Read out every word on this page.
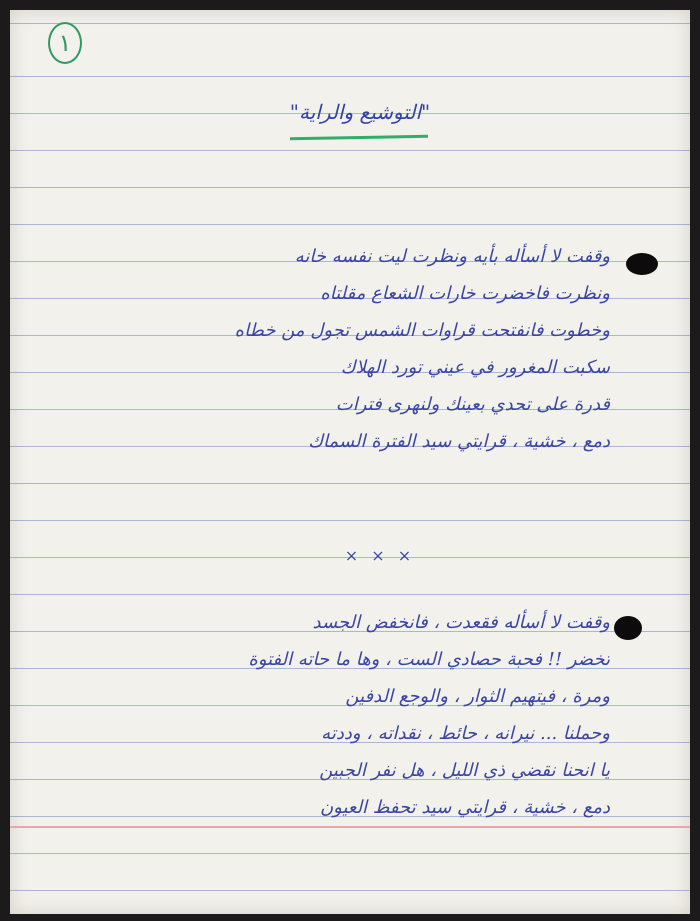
١
"التوشيع والراية"
وقفت لا أسأله بأيه ونظرت ليت نفسه خانه
ونظرت فاخضرت خارات الشعاع مقلتاه
وخطوت فانفتحت قراوات الشمس تجول من خطاه
سكبت المغرور في عيني تورد الهلاك
قدرة على تحدي بعينك ولنهرى فترات
دمع ، خشية ، قرايتي سيد الفترة السماك
× × ×
وقفت لا أسأله فقعدت ، فانخفض الجسد
تخضر !! فحبة حصادي الست ، وها ما حاته الفتوة
ومرة ، فيتهيم الثوار ، والوجع الدفين
وحملنا ... نيرانه ، حائط ، نقداته ، وددته
يا انحنا نقضي ذي الليل ، هل نفر الجبين
دمع ، خشية ، قرايتي سيد تحفظ العيون
